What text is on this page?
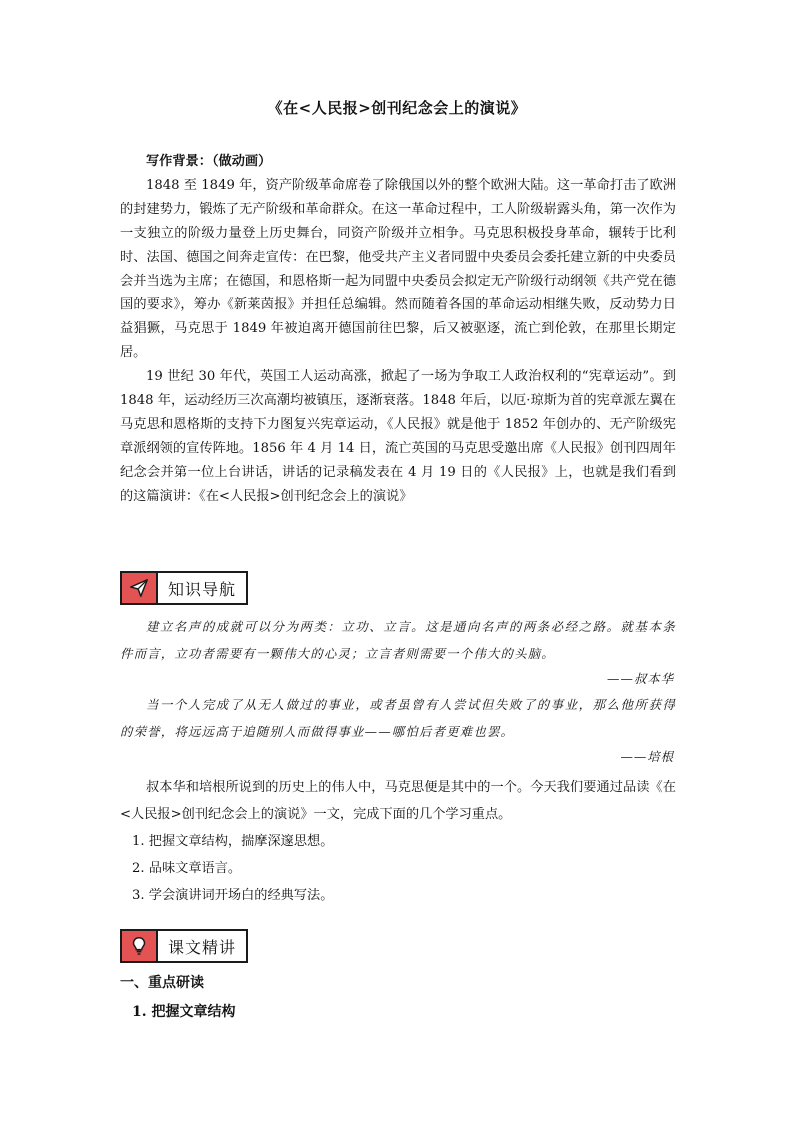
《在<人民报>创刊纪念会上的演说》
写作背景：（做动画）

1848 至 1849 年，资产阶级革命席卷了除俄国以外的整个欧洲大陆。这一革命打击了欧洲的封建势力，锻炼了无产阶级和革命群众。在这一革命过程中，工人阶级崭露头角，第一次作为一支独立的阶级力量登上历史舞台，同资产阶级并立相争。马克思积极投身革命，辗转于比利时、法国、德国之间奔走宣传：在巴黎，他受共产主义者同盟中央委员会委托建立新的中央委员会并当选为主席；在德国，和恩格斯一起为同盟中央委员会拟定无产阶级行动纲领《共产党在德国的要求》，筹办《新莱茵报》并担任总编辑。然而随着各国的革命运动相继失败，反动势力日益猖獗，马克思于 1849 年被迫离开德国前往巴黎，后又被驱逐，流亡到伦敦，在那里长期定居。

19 世纪 30 年代，英国工人运动高涨，掀起了一场为争取工人政治权利的“宪章运动”。到 1848 年，运动经历三次高潮均被镇压，逐渐衰落。1848 年后，以厄·琼斯为首的宪章派左翼在马克思和恩格斯的支持下力图复兴宪章运动，《人民报》就是他于 1852 年创办的、无产阶级宪章派纲领的宣传阵地。1856 年 4 月 14 日，流亡英国的马克思受邀出席《人民报》创刊四周年纪念会并第一位上台讲话，讲话的记录稿发表在 4 月 19 日的《人民报》上，也就是我们看到的这篇演讲：《在<人民报>创刊纪念会上的演说》

知识导航

建立名声的成就可以分为两类：立功、立言。这是通向名声的两条必经之路。就基本条件而言，立功者需要有一颗伟大的心灵；立言者则需要一个伟大的头脑。

——叔本华

当一个人完成了从无人做过的事业，或者虽曾有人尝试但失败了的事业，那么他所获得的荣誉，将远远高于追随别人而做得事业——哪怕后者更难也罢。

——培根

叔本华和培根所说到的历史上的伟人中，马克思便是其中的一个。今天我们要通过品读《在<人民报>创刊纪念会上的演说》一文，完成下面的几个学习重点。

1. 把握文章结构，揣摩深邃思想。

2. 品味文章语言。

3. 学会演讲词开场白的经典写法。

课文精讲
一、重点研读
1. 把握文章结构
